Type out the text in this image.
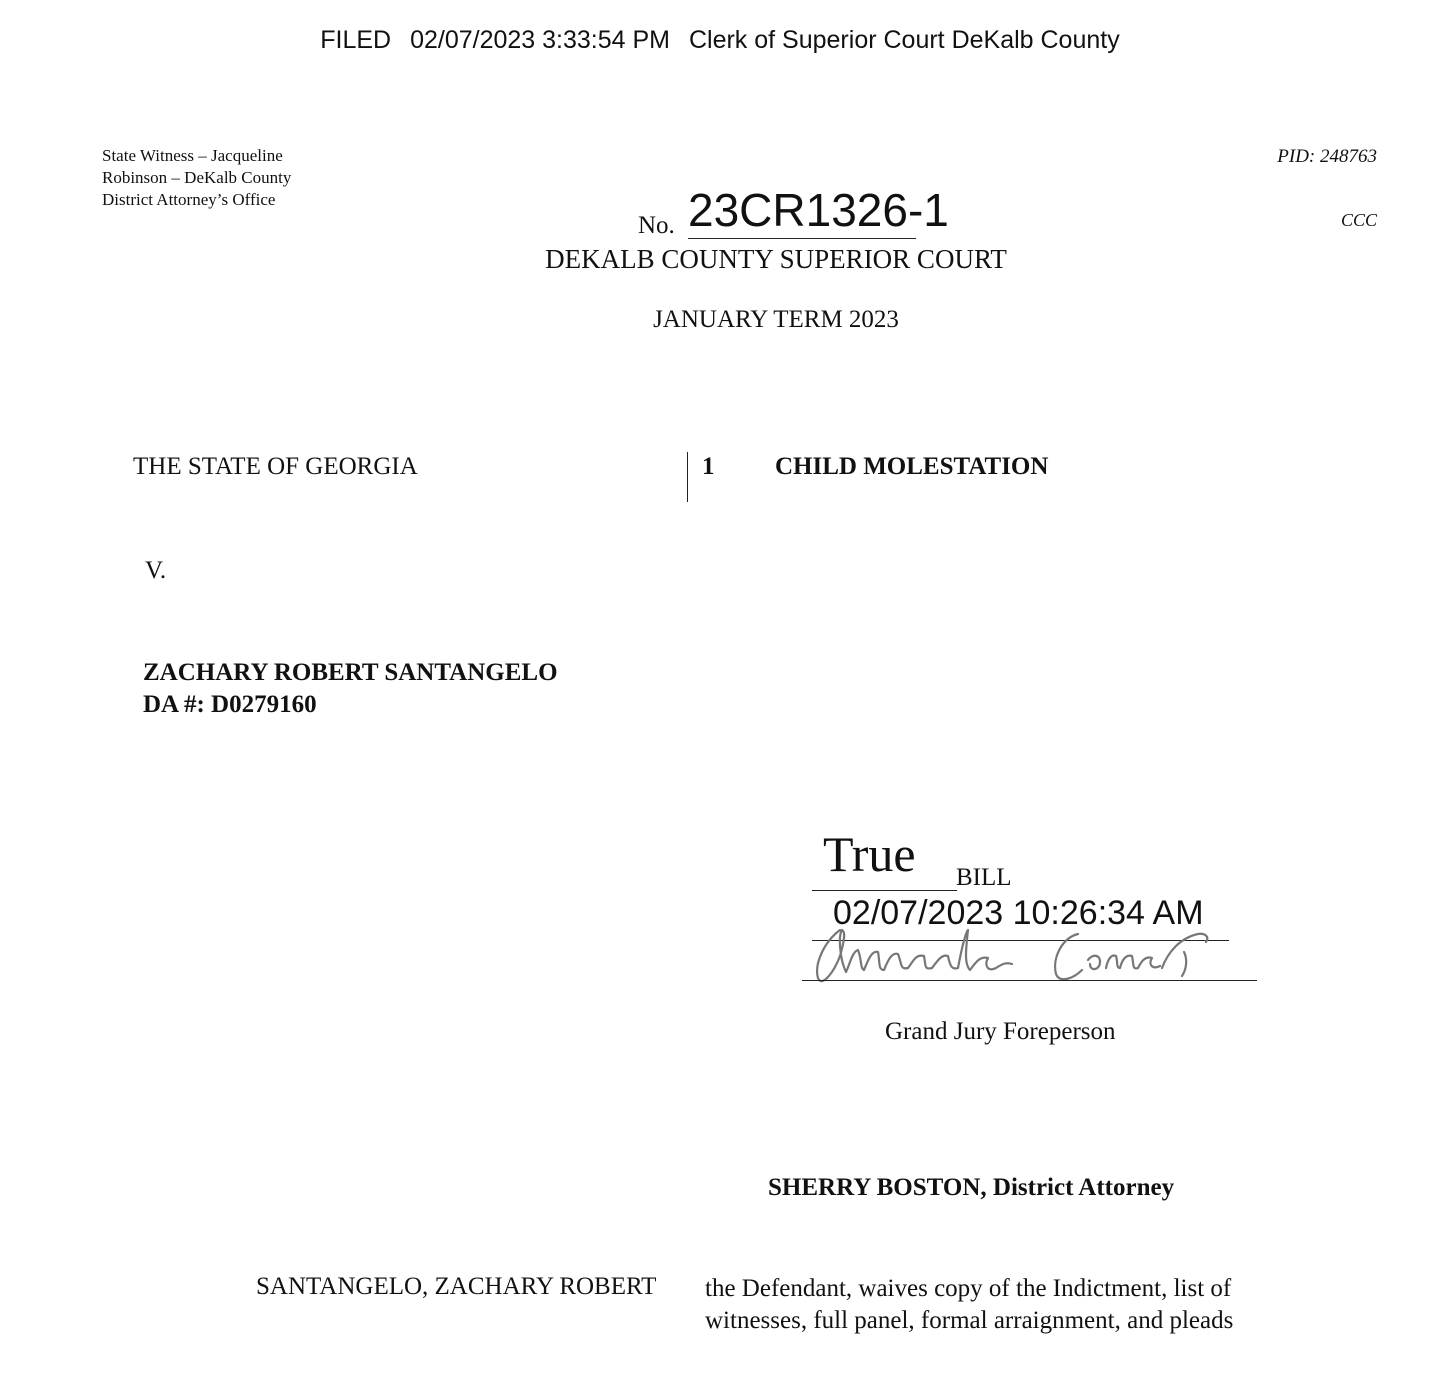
FILED 02/07/2023 3:33:54 PM Clerk of Superior Court DeKalb County
State Witness – Jacqueline
Robinson – DeKalb County
District Attorney’s Office
PID: 248763
CCC
No. 23CR1326-1
DEKALB COUNTY SUPERIOR COURT
JANUARY TERM 2023
THE STATE OF GEORGIA	1 CHILD MOLESTATION
V.
ZACHARY ROBERT SANTANGELO
DA #: D0279160
True BILL
02/07/2023 10:26:34 AM
Grand Jury Foreperson
SHERRY BOSTON, District Attorney
SANTANGELO, ZACHARY ROBERT the Defendant, waives copy of the Indictment, list of witnesses, full panel, formal arraignment, and pleads
